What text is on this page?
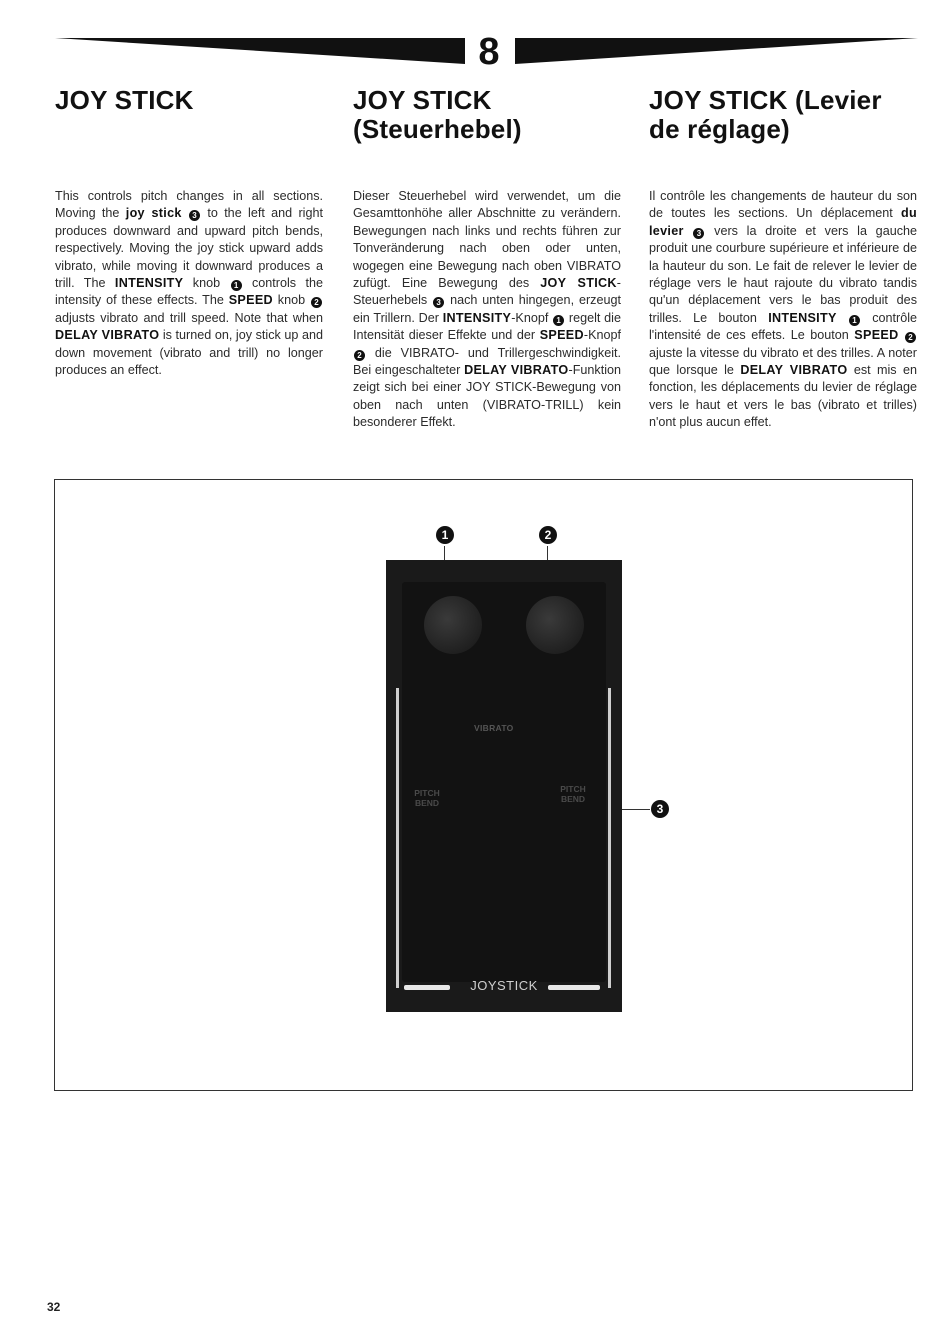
8
JOY STICK

This controls pitch changes in all sections. Moving the joy stick 3 to the left and right produces downward and upward pitch bends, respectively. Moving the joy stick upward adds vibrato, while moving it downward produces a trill. The INTENSITY knob 1 controls the intensity of these effects. The SPEED knob 2 adjusts vibrato and trill speed. Note that when DELAY VIBRATO is turned on, joy stick up and down movement (vibrato and trill) no longer produces an effect.

JOY STICK (Steuerhebel)

Dieser Steuerhebel wird verwendet, um die Gesamttonhöhe aller Abschnitte zu verändern. Bewegungen nach links und rechts führen zur Tonveränderung nach oben oder unten, wogegen eine Bewegung nach oben VIBRATO zufügt. Eine Bewegung des JOY STICK-Steuerhebels 3 nach unten hingegen, erzeugt ein Trillern. Der INTENSITY-Knopf 1 regelt die Intensität dieser Effekte und der SPEED-Knopf 2 die VIBRATO- und Trillergeschwindigkeit. Bei eingeschalteter DELAY VIBRATO-Funktion zeigt sich bei einer JOY STICK-Bewegung von oben nach unten (VIBRATO-TRILL) kein besonderer Effekt.

JOY STICK (Levier de réglage)

Il contrôle les changements de hauteur du son de toutes les sections. Un déplacement du levier 3 vers la droite et vers la gauche produit une courbure supérieure et inférieure de la hauteur du son. Le fait de relever le levier de réglage vers le haut rajoute du vibrato tandis qu'un déplacement vers le bas produit des trilles. Le bouton INTENSITY 1 contrôle l'intensité de ces effets. Le bouton SPEED 2 ajuste la vitesse du vibrato et des trilles. A noter que lorsque le DELAY VIBRATO est mis en fonction, les déplacements du levier de réglage vers le haut et vers le bas (vibrato et trilles) n'ont plus aucun effet.

VIBRATO
PITCH BEND
PITCH BEND
JOYSTICK
1	2
3
32
